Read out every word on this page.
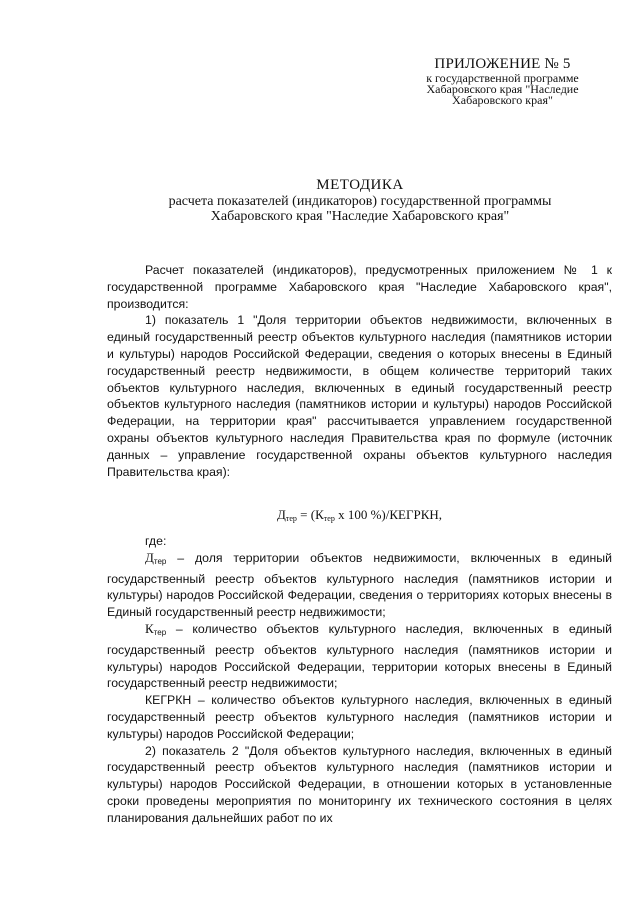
ПРИЛОЖЕНИЕ № 5
к государственной программе
Хабаровского края "Наследие
Хабаровского края"
МЕТОДИКА
расчета показателей (индикаторов) государственной программы
Хабаровского края "Наследие Хабаровского края"

Расчет показателей (индикаторов), предусмотренных приложением № 1 к государственной программе Хабаровского края "Наследие Хабаровского края", производится:

1) показатель 1 "Доля территории объектов недвижимости, включенных в единый государственный реестр объектов культурного наследия (памятников истории и культуры) народов Российской Федерации, сведения о которых внесены в Единый государственный реестр недвижимости, в общем количестве территорий таких объектов культурного наследия, включенных в единый государственный реестр объектов культурного наследия (памятников истории и культуры) народов Российской Федерации, на территории края" рассчитывается управлением государственной охраны объектов культурного наследия Правительства края по формуле (источник данных – управление государственной охраны объектов культурного наследия Правительства края):

$Д_{тер} = (К_{тер}$ x 100 %)/КЕГРКН,

где:

$Д_{тер}$ – доля территории объектов недвижимости, включенных в единый государственный реестр объектов культурного наследия (памятников истории и культуры) народов Российской Федерации, сведения о территориях которых внесены в Единый государственный реестр недвижимости;

$К_{тер}$ – количество объектов культурного наследия, включенных в единый государственный реестр объектов культурного наследия (памятников истории и культуры) народов Российской Федерации, территории которых внесены в Единый государственный реестр недвижимости;

КЕГРКН – количество объектов культурного наследия, включенных в единый государственный реестр объектов культурного наследия (памятников истории и культуры) народов Российской Федерации;

2) показатель 2 "Доля объектов культурного наследия, включенных в единый государственный реестр объектов культурного наследия (памятников истории и культуры) народов Российской Федерации, в отношении которых в установленные сроки проведены мероприятия по мониторингу их технического состояния в целях планирования дальнейших работ по их
